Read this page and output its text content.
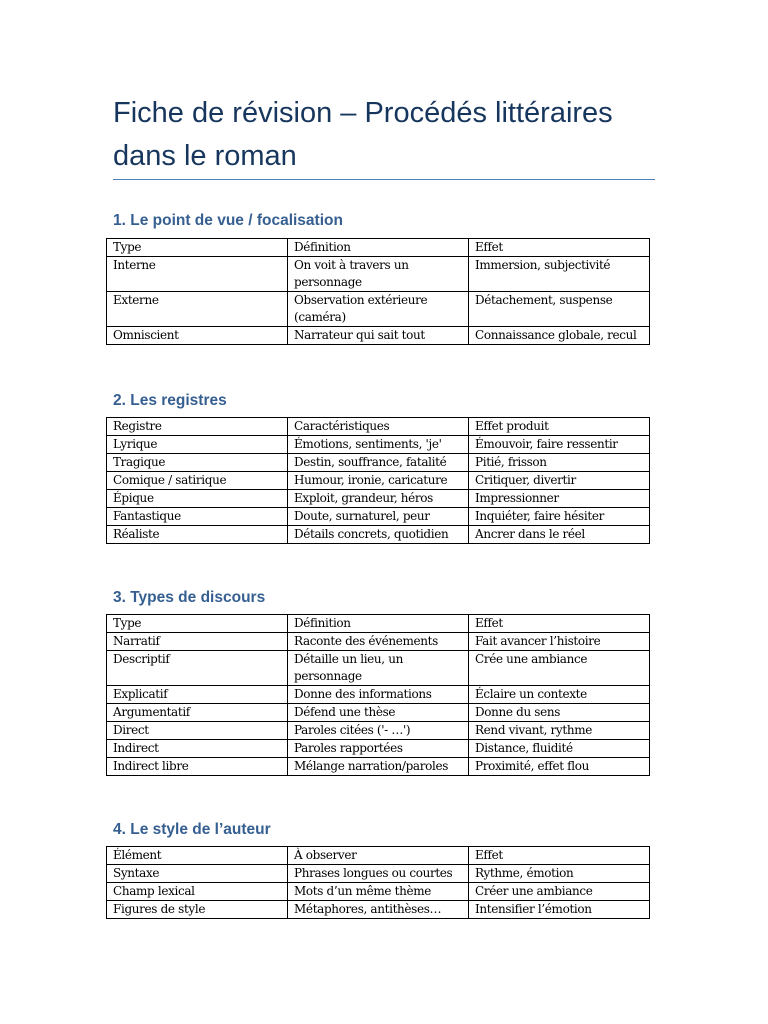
Fiche de révision – Procédés littéraires dans le roman
1. Le point de vue / focalisation
Type	Définition	Effet
Interne	On voit à travers un personnage	Immersion, subjectivité
Externe	Observation extérieure (caméra)	Détachement, suspense
Omniscient	Narrateur qui sait tout	Connaissance globale, recul
2. Les registres
Registre	Caractéristiques	Effet produit
Lyrique	Émotions, sentiments, 'je'	Émouvoir, faire ressentir
Tragique	Destin, souffrance, fatalité	Pitié, frisson
Comique / satirique	Humour, ironie, caricature	Critiquer, divertir
Épique	Exploit, grandeur, héros	Impressionner
Fantastique	Doute, surnaturel, peur	Inquiéter, faire hésiter
Réaliste	Détails concrets, quotidien	Ancrer dans le réel
3. Types de discours
Type	Définition	Effet
Narratif	Raconte des événements	Fait avancer l’histoire
Descriptif	Détaille un lieu, un personnage	Crée une ambiance
Explicatif	Donne des informations	Éclaire un contexte
Argumentatif	Défend une thèse	Donne du sens
Direct	Paroles citées ('- …')	Rend vivant, rythme
Indirect	Paroles rapportées	Distance, fluidité
Indirect libre	Mélange narration/paroles	Proximité, effet flou
4. Le style de l’auteur
Élément	À observer	Effet
Syntaxe	Phrases longues ou courtes	Rythme, émotion
Champ lexical	Mots d’un même thème	Créer une ambiance
Figures de style	Métaphores, antithèses…	Intensifier l’émotion
